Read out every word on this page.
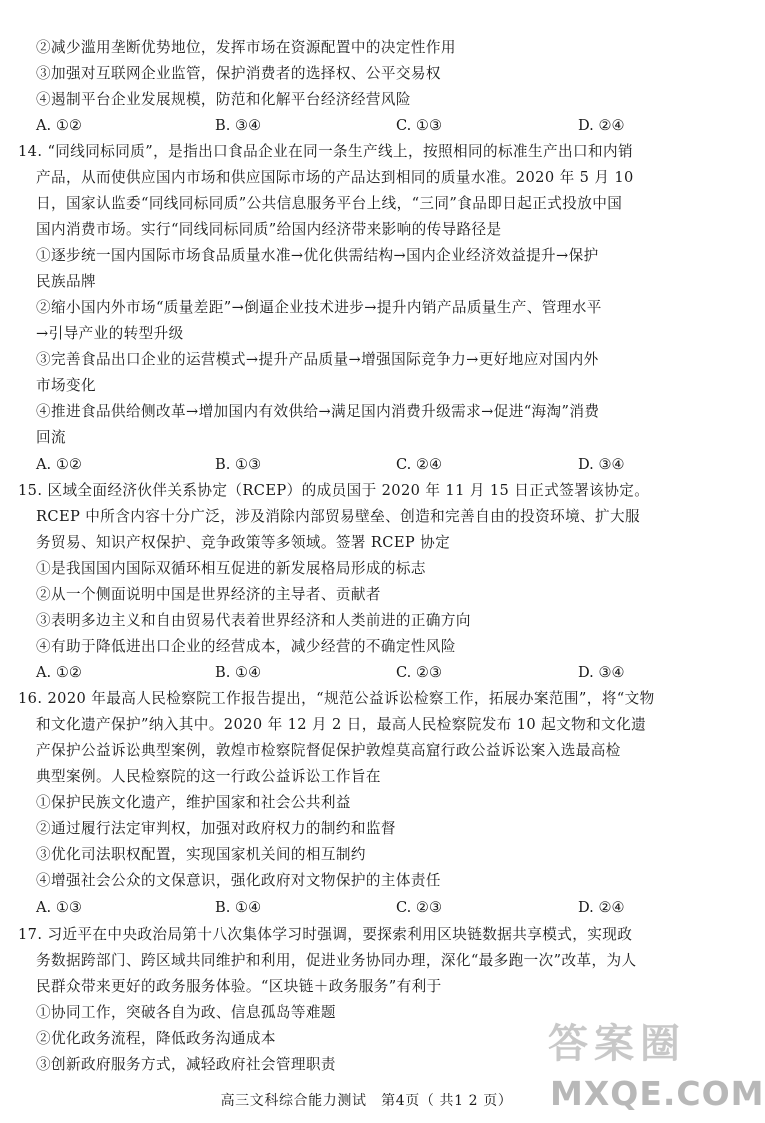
②减少滥用垄断优势地位，发挥市场在资源配置中的决定性作用
③加强对互联网企业监管，保护消费者的选择权、公平交易权
④遏制平台企业发展规模，防范和化解平台经济经营风险
A. ①②	B. ③④	C. ①③	D. ②④
14. “同线同标同质”，是指出口食品企业在同一条生产线上，按照相同的标准生产出口和内销
产品，从而使供应国内市场和供应国际市场的产品达到相同的质量水准。2020 年 5 月 10
日，国家认监委“同线同标同质”公共信息服务平台上线，“三同”食品即日起正式投放中国
国内消费市场。实行“同线同标同质”给国内经济带来影响的传导路径是
①逐步统一国内国际市场食品质量水准→优化供需结构→国内企业经济效益提升→保护
民族品牌
②缩小国内外市场“质量差距”→倒逼企业技术进步→提升内销产品质量生产、管理水平
→引导产业的转型升级
③完善食品出口企业的运营模式→提升产品质量→增强国际竞争力→更好地应对国内外
市场变化
④推进食品供给侧改革→增加国内有效供给→满足国内消费升级需求→促进“海淘”消费
回流
A. ①②	B. ①③	C. ②④	D. ③④
15. 区域全面经济伙伴关系协定（RCEP）的成员国于 2020 年 11 月 15 日正式签署该协定。
RCEP 中所含内容十分广泛，涉及消除内部贸易壁垒、创造和完善自由的投资环境、扩大服
务贸易、知识产权保护、竞争政策等多领域。签署 RCEP 协定
①是我国国内国际双循环相互促进的新发展格局形成的标志
②从一个侧面说明中国是世界经济的主导者、贡献者
③表明多边主义和自由贸易代表着世界经济和人类前进的正确方向
④有助于降低进出口企业的经营成本，减少经营的不确定性风险
A. ①②	B. ①④	C. ②③	D. ③④
16. 2020 年最高人民检察院工作报告提出，“规范公益诉讼检察工作，拓展办案范围”，将“文物
和文化遗产保护”纳入其中。2020 年 12 月 2 日，最高人民检察院发布 10 起文物和文化遗
产保护公益诉讼典型案例，敦煌市检察院督促保护敦煌莫高窟行政公益诉讼案入选最高检
典型案例。人民检察院的这一行政公益诉讼工作旨在
①保护民族文化遗产，维护国家和社会公共利益
②通过履行法定审判权，加强对政府权力的制约和监督
③优化司法职权配置，实现国家机关间的相互制约
④增强社会公众的文保意识，强化政府对文物保护的主体责任
A. ①③	B. ①④	C. ②③	D. ②④
17. 习近平在中央政治局第十八次集体学习时强调，要探索利用区块链数据共享模式，实现政
务数据跨部门、跨区域共同维护和利用，促进业务协同办理，深化“最多跑一次”改革，为人
民群众带来更好的政务服务体验。“区块链＋政务服务”有利于
①协同工作，突破各自为政、信息孤岛等难题
②优化政务流程，降低政务沟通成本
③创新政府服务方式，减轻政府社会管理职责
高三文科综合能力测试　第4页（ 共1 2 页）
答案圈
MXQE.COM
